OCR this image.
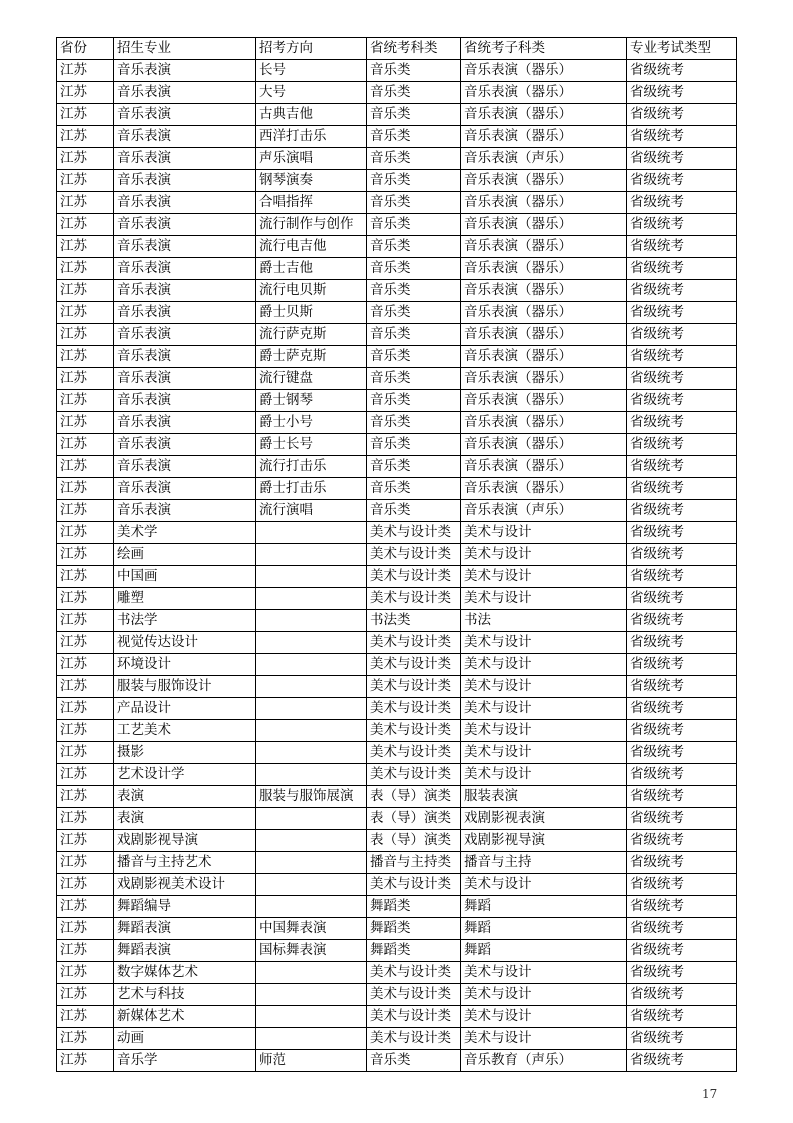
省份	招生专业	招考方向	省统考科类	省统考子科类	专业考试类型
江苏	音乐表演	长号	音乐类	音乐表演（器乐）	省级统考
江苏	音乐表演	大号	音乐类	音乐表演（器乐）	省级统考
江苏	音乐表演	古典吉他	音乐类	音乐表演（器乐）	省级统考
江苏	音乐表演	西洋打击乐	音乐类	音乐表演（器乐）	省级统考
江苏	音乐表演	声乐演唱	音乐类	音乐表演（声乐）	省级统考
江苏	音乐表演	钢琴演奏	音乐类	音乐表演（器乐）	省级统考
江苏	音乐表演	合唱指挥	音乐类	音乐表演（器乐）	省级统考
江苏	音乐表演	流行制作与创作	音乐类	音乐表演（器乐）	省级统考
江苏	音乐表演	流行电吉他	音乐类	音乐表演（器乐）	省级统考
江苏	音乐表演	爵士吉他	音乐类	音乐表演（器乐）	省级统考
江苏	音乐表演	流行电贝斯	音乐类	音乐表演（器乐）	省级统考
江苏	音乐表演	爵士贝斯	音乐类	音乐表演（器乐）	省级统考
江苏	音乐表演	流行萨克斯	音乐类	音乐表演（器乐）	省级统考
江苏	音乐表演	爵士萨克斯	音乐类	音乐表演（器乐）	省级统考
江苏	音乐表演	流行键盘	音乐类	音乐表演（器乐）	省级统考
江苏	音乐表演	爵士钢琴	音乐类	音乐表演（器乐）	省级统考
江苏	音乐表演	爵士小号	音乐类	音乐表演（器乐）	省级统考
江苏	音乐表演	爵士长号	音乐类	音乐表演（器乐）	省级统考
江苏	音乐表演	流行打击乐	音乐类	音乐表演（器乐）	省级统考
江苏	音乐表演	爵士打击乐	音乐类	音乐表演（器乐）	省级统考
江苏	音乐表演	流行演唱	音乐类	音乐表演（声乐）	省级统考
江苏	美术学		美术与设计类	美术与设计	省级统考
江苏	绘画		美术与设计类	美术与设计	省级统考
江苏	中国画		美术与设计类	美术与设计	省级统考
江苏	雕塑		美术与设计类	美术与设计	省级统考
江苏	书法学		书法类	书法	省级统考
江苏	视觉传达设计		美术与设计类	美术与设计	省级统考
江苏	环境设计		美术与设计类	美术与设计	省级统考
江苏	服装与服饰设计		美术与设计类	美术与设计	省级统考
江苏	产品设计		美术与设计类	美术与设计	省级统考
江苏	工艺美术		美术与设计类	美术与设计	省级统考
江苏	摄影		美术与设计类	美术与设计	省级统考
江苏	艺术设计学		美术与设计类	美术与设计	省级统考
江苏	表演	服装与服饰展演	表（导）演类	服装表演	省级统考
江苏	表演		表（导）演类	戏剧影视表演	省级统考
江苏	戏剧影视导演		表（导）演类	戏剧影视导演	省级统考
江苏	播音与主持艺术		播音与主持类	播音与主持	省级统考
江苏	戏剧影视美术设计		美术与设计类	美术与设计	省级统考
江苏	舞蹈编导		舞蹈类	舞蹈	省级统考
江苏	舞蹈表演	中国舞表演	舞蹈类	舞蹈	省级统考
江苏	舞蹈表演	国标舞表演	舞蹈类	舞蹈	省级统考
江苏	数字媒体艺术		美术与设计类	美术与设计	省级统考
江苏	艺术与科技		美术与设计类	美术与设计	省级统考
江苏	新媒体艺术		美术与设计类	美术与设计	省级统考
江苏	动画		美术与设计类	美术与设计	省级统考
江苏	音乐学	师范	音乐类	音乐教育（声乐）	省级统考
17
